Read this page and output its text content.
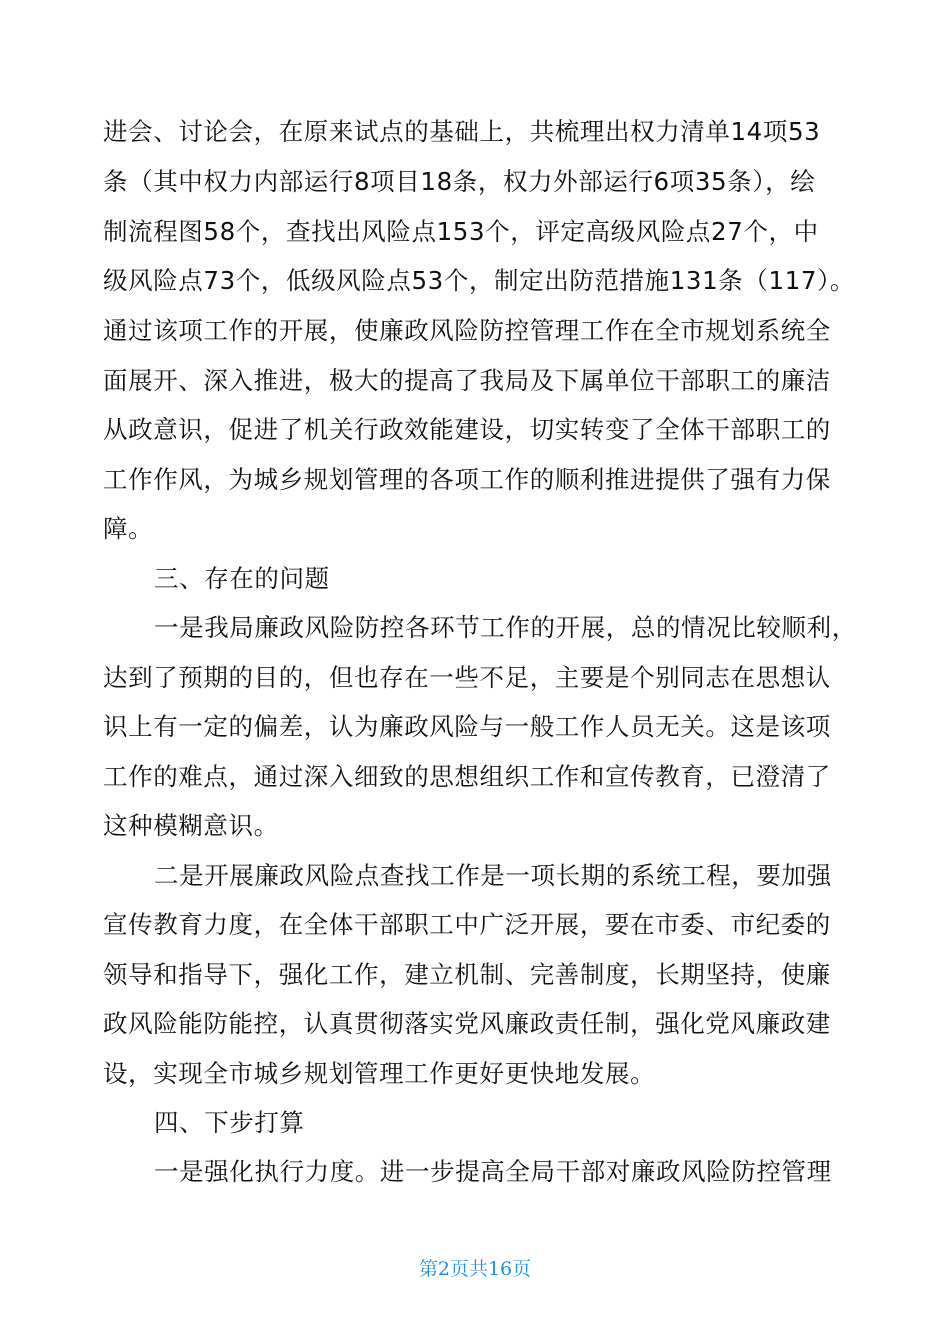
进会、讨论会，在原来试点的基础上，共梳理出权力清单14项53
条（其中权力内部运行8项目18条，权力外部运行6项35条），绘
制流程图58个，查找出风险点153个，评定高级风险点27个，中
级风险点73个，低级风险点53个，制定出防范措施131条（117）。
通过该项工作的开展，使廉政风险防控管理工作在全市规划系统全
面展开、深入推进，极大的提高了我局及下属单位干部职工的廉洁
从政意识，促进了机关行政效能建设，切实转变了全体干部职工的
工作作风，为城乡规划管理的各项工作的顺利推进提供了强有力保
障。
三、存在的问题
一是我局廉政风险防控各环节工作的开展，总的情况比较顺利，
达到了预期的目的，但也存在一些不足，主要是个别同志在思想认
识上有一定的偏差，认为廉政风险与一般工作人员无关。这是该项
工作的难点，通过深入细致的思想组织工作和宣传教育，已澄清了
这种模糊意识。
二是开展廉政风险点查找工作是一项长期的系统工程，要加强
宣传教育力度，在全体干部职工中广泛开展，要在市委、市纪委的
领导和指导下，强化工作，建立机制、完善制度，长期坚持，使廉
政风险能防能控，认真贯彻落实党风廉政责任制，强化党风廉政建
设，实现全市城乡规划管理工作更好更快地发展。
四、下步打算
一是强化执行力度。进一步提高全局干部对廉政风险防控管理
第2页共16页
